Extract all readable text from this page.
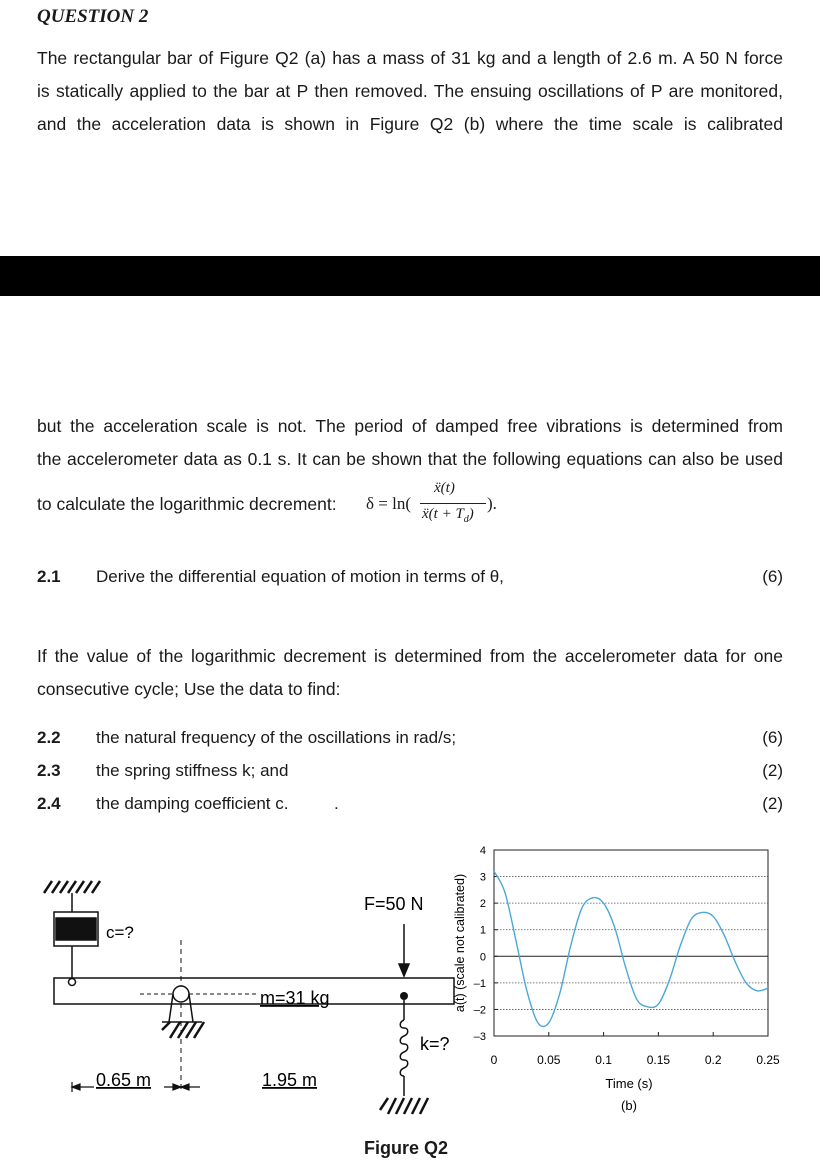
QUESTION 2
The rectangular bar of Figure Q2 (a) has a mass of 31 kg and a length of 2.6 m. A 50 N force
is statically applied to the bar at P then removed. The ensuing oscillations of P are monitored,
and the acceleration data is shown in Figure Q2 (b) where the time scale is calibrated
but the acceleration scale is not. The period of damped free vibrations is determined from
the accelerometer data as 0.1 s. It can be shown that the following equations can also be used
to calculate the logarithmic decrement: δ = ln(
ẍ(t)
ẍ(t + $T_d$)
).
2.1 Derive the differential equation of motion in terms of θ,	(6)
If the value of the logarithmic decrement is determined from the accelerometer data for one
consecutive cycle; Use the data to find:
2.2 the natural frequency of the oscillations in rad/s;	(6)
2.3 the spring stiffness k; and	(2)
2.4 the damping coefficient c.	.	(2)
c=?
m=31 kg
F=50 N
k=?
0.65 m	1.95 m
4
3
2
1
0
–1
–2
–3
0	0.05	0.1	0.15	0.2	0.25
Time (s)
(b)
a(t) (scale not calibrated)
Figure Q2
